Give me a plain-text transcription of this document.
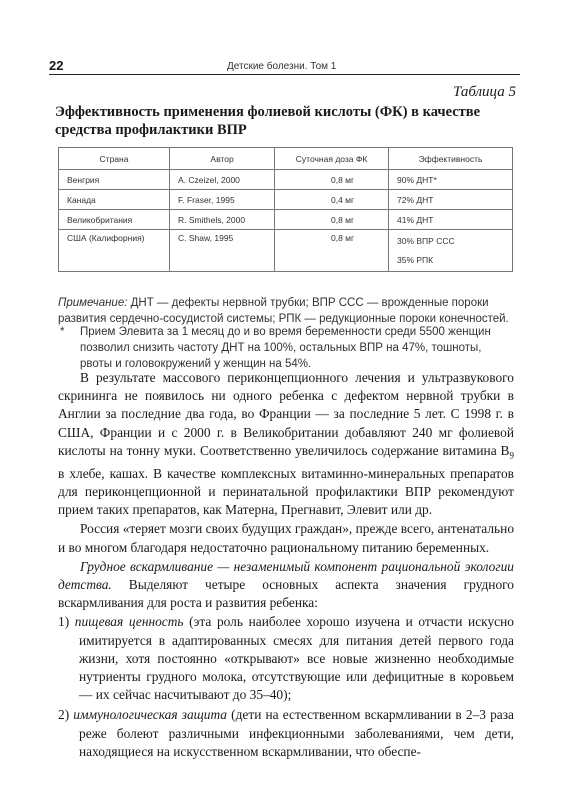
22	Детские болезни. Том 1
Таблица 5
Эффективность применения фолиевой кислоты (ФК) в качестве средства профилактики ВПР
Страна	Автор	Суточная доза ФК	Эффективность
Венгрия	A. Czeizel, 2000	0,8 мг	90% ДНТ*
Канада	F. Fraser, 1995	0,4 мг	72% ДНТ
Великобритания	R. Smithels, 2000	0,8 мг	41% ДНТ
США (Калифорния)	C. Shaw, 1995	0,8 мг	30% ВПР ССС
35% РПК
Примечание: ДНТ — дефекты нервной трубки; ВПР ССС — врожденные пороки развития сердечно-сосудистой системы; РПК — редукционные пороки конечностей.
* Прием Элевита за 1 месяц до и во время беременности среди 5500 женщин позволил снизить частоту ДНТ на 100%, остальных ВПР на 47%, тошноты, рвоты и головокружений у женщин на 54%.

В результате массового периконцепционного лечения и ультразвукового скрининга не появилось ни одного ребенка с дефектом нервной трубки в Англии за последние два года, во Франции — за последние 5 лет. С 1998 г. в США, Франции и с 2000 г. в Великобритании добавляют 240 мг фолиевой кислоты на тонну муки. Соответственно увеличилось содержание витамина $В_9$ в хлебе, кашах. В качестве комплексных витаминно-минеральных препаратов для периконцепционной и перинатальной профилактики ВПР рекомендуют прием таких препаратов, как Матерна, Прегнавит, Элевит или др.

Россия «теряет мозги своих будущих граждан», прежде всего, антенатально и во многом благодаря недостаточно рациональному питанию беременных.

Грудное вскармливание — незаменимый компонент рациональной экологии детства. Выделяют четыре основных аспекта значения грудного вскармливания для роста и развития ребенка:

1) пищевая ценность (эта роль наиболее хорошо изучена и отчасти искусно имитируется в адаптированных смесях для питания детей первого года жизни, хотя постоянно «открывают» все новые жизненно необходимые нутриенты грудного молока, отсутствующие или дефицитные в коровьем — их сейчас насчитывают до 35–40);
2) иммунологическая защита (дети на естественном вскармливании в 2–3 раза реже болеют различными инфекционными заболеваниями, чем дети, находящиеся на искусственном вскармливании, что обеспе-
